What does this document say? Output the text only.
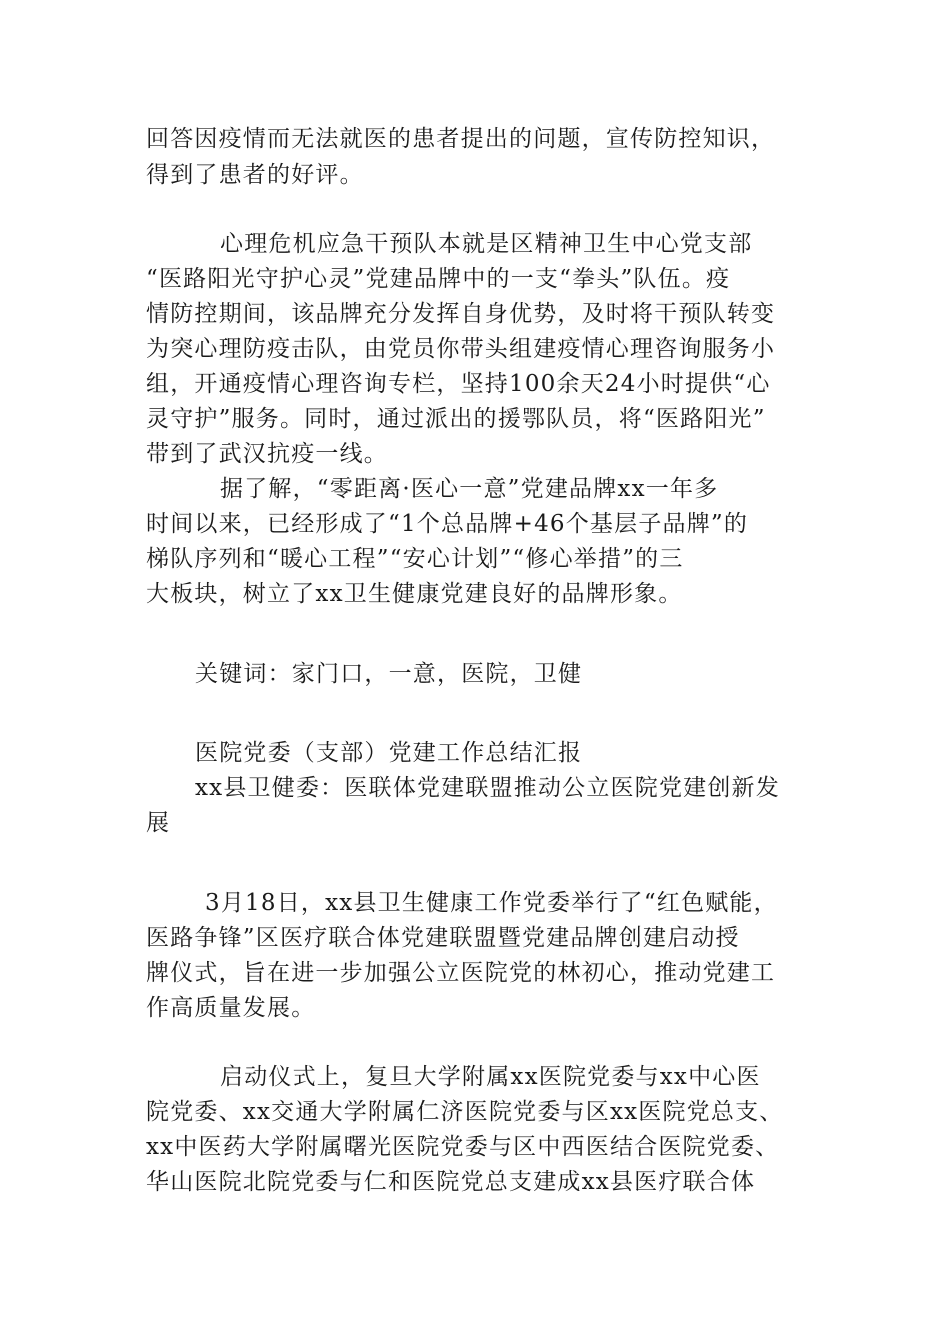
回答因疫情而无法就医的患者提出的问题，宣传防控知识，
得到了患者的好评。
心理危机应急干预队本就是区精神卫生中心党支部
“医路阳光守护心灵”党建品牌中的一支“拳头”队伍。疫
情防控期间，该品牌充分发挥自身优势，及时将干预队转变
为突心理防疫击队，由党员你带头组建疫情心理咨询服务小
组，开通疫情心理咨询专栏，坚持100余天24小时提供“心
灵守护”服务。同时，通过派出的援鄂队员，将“医路阳光”
带到了武汉抗疫一线。
据了解，“零距离·医心一意”党建品牌xx一年多
时间以来，已经形成了“1个总品牌+46个基层子品牌”的
梯队序列和“暖心工程”“安心计划”“修心举措”的三
大板块，树立了xx卫生健康党建良好的品牌形象。
关键词：家门口，一意，医院，卫健
医院党委（支部）党建工作总结汇报
xx县卫健委：医联体党建联盟推动公立医院党建创新发
展
3月18日，xx县卫生健康工作党委举行了“红色赋能，
医路争锋”区医疗联合体党建联盟暨党建品牌创建启动授
牌仪式，旨在进一步加强公立医院党的林初心，推动党建工
作高质量发展。
启动仪式上，复旦大学附属xx医院党委与xx中心医
院党委、xx交通大学附属仁济医院党委与区xx医院党总支、
xx中医药大学附属曙光医院党委与区中西医结合医院党委、
华山医院北院党委与仁和医院党总支建成xx县医疗联合体
